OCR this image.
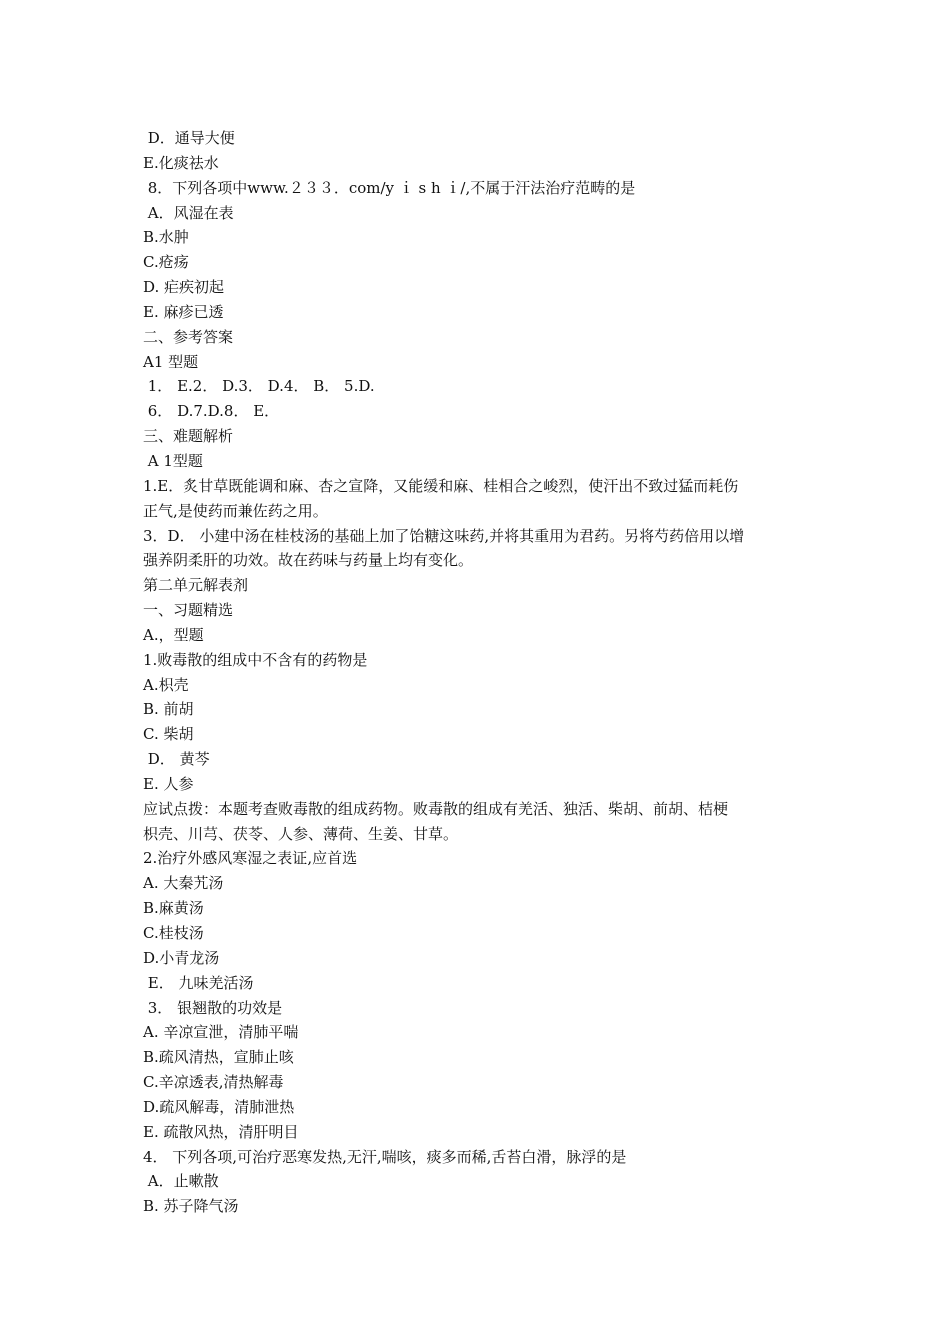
D．通导大便
E.化痰祛水
8．下列各项中www.２３３．com/y ｉ s h ｉ/,不属于汗法治疗范畴的是
A．风湿在表
B.水肿
C.疮疡
D. 疟疾初起
E. 麻疹已透
二、参考答案
A1 型题
1． E.2． D.3． D.4． B． 5.D.
6． D.7.D.8． E．
三、难题解析
A 1型题
1.E．炙甘草既能调和麻、杏之宣降，又能缓和麻、桂相合之峻烈，使汗出不致过猛而耗伤
正气,是使药而兼佐药之用。
3．D． 小建中汤在桂枝汤的基础上加了饴糖这味药,并将其重用为君药。另将芍药倍用以增
强养阴柔肝的功效。故在药味与药量上均有变化。
第二单元解表剂
一、习题精选
A.，型题
1.败毒散的组成中不含有的药物是
A.枳壳
B. 前胡
C. 柴胡
D． 黄芩
E. 人参
应试点拨：本题考查败毒散的组成药物。败毒散的组成有羌活、独活、柴胡、前胡、桔梗
枳壳、川芎、茯苓、人参、薄荷、生姜、甘草。
2.治疗外感风寒湿之表证,应首选
A. 大秦艽汤
B.麻黄汤
C.桂枝汤
D.小青龙汤
E． 九味羌活汤
3． 银翘散的功效是
A. 辛凉宣泄，清肺平喘
B.疏风清热，宣肺止咳
C.辛凉透表,清热解毒
D.疏风解毒，清肺泄热
E. 疏散风热，清肝明目
4． 下列各项,可治疗恶寒发热,无汗,喘咳，痰多而稀,舌苔白滑，脉浮的是
A．止嗽散
B. 苏子降气汤
